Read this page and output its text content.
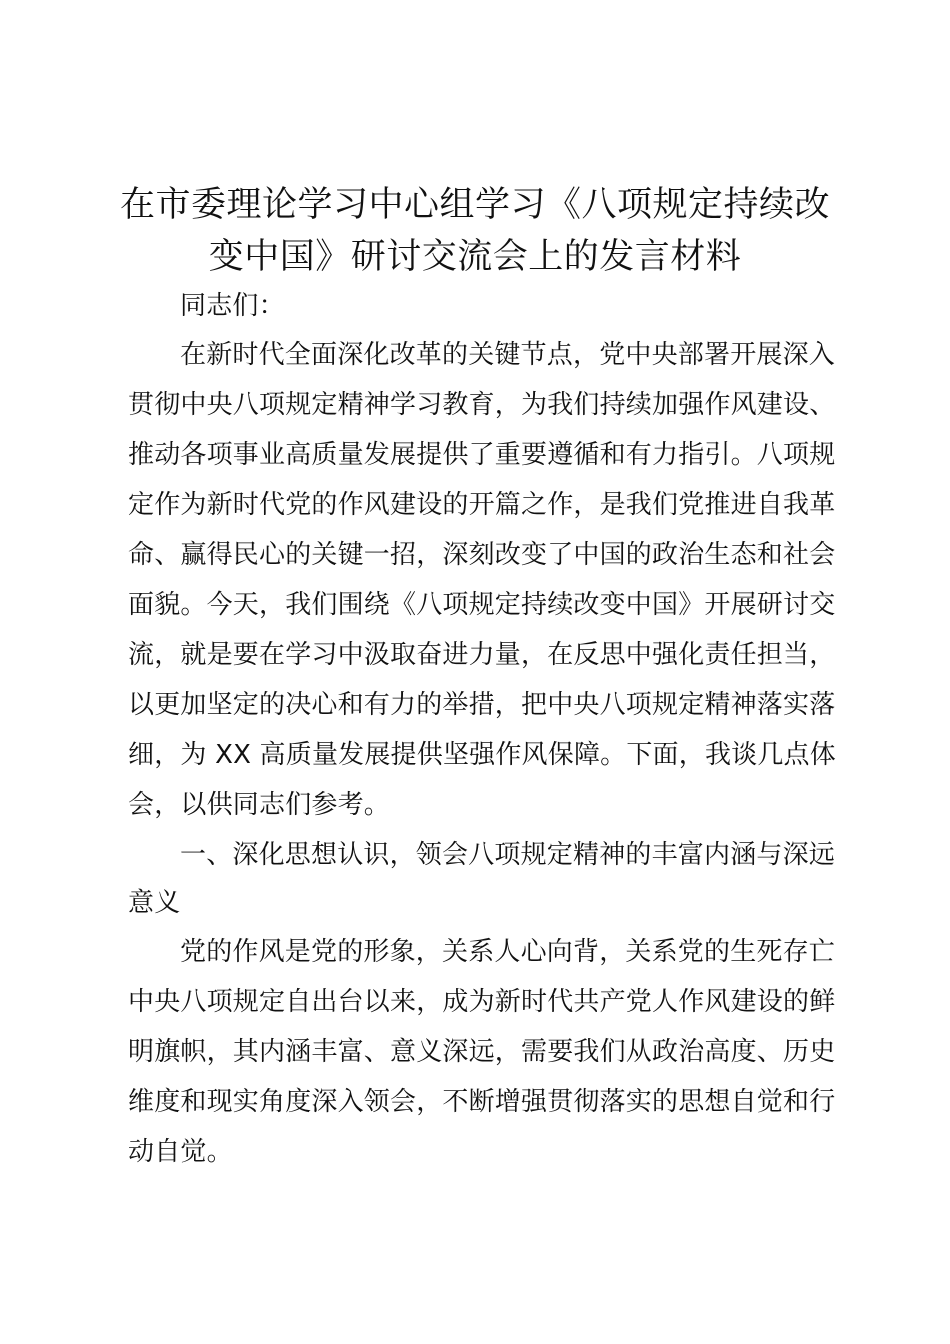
在市委理论学习中心组学习《八项规定持续改
变中国》研讨交流会上的发言材料

同志们：

在新时代全面深化改革的关键节点，党中央部署开展深入

贯彻中央八项规定精神学习教育，为我们持续加强作风建设、

推动各项事业高质量发展提供了重要遵循和有力指引。八项规

定作为新时代党的作风建设的开篇之作，是我们党推进自我革

命、赢得民心的关键一招，深刻改变了中国的政治生态和社会

面貌。今天，我们围绕《八项规定持续改变中国》开展研讨交

流，就是要在学习中汲取奋进力量，在反思中强化责任担当，

以更加坚定的决心和有力的举措，把中央八项规定精神落实落

细，为 XX 高质量发展提供坚强作风保障。下面，我谈几点体

会，以供同志们参考。

一、深化思想认识，领会八项规定精神的丰富内涵与深远

意义

党的作风是党的形象，关系人心向背，关系党的生死存亡

中央八项规定自出台以来，成为新时代共产党人作风建设的鲜

明旗帜，其内涵丰富、意义深远，需要我们从政治高度、历史

维度和现实角度深入领会，不断增强贯彻落实的思想自觉和行

动自觉。
